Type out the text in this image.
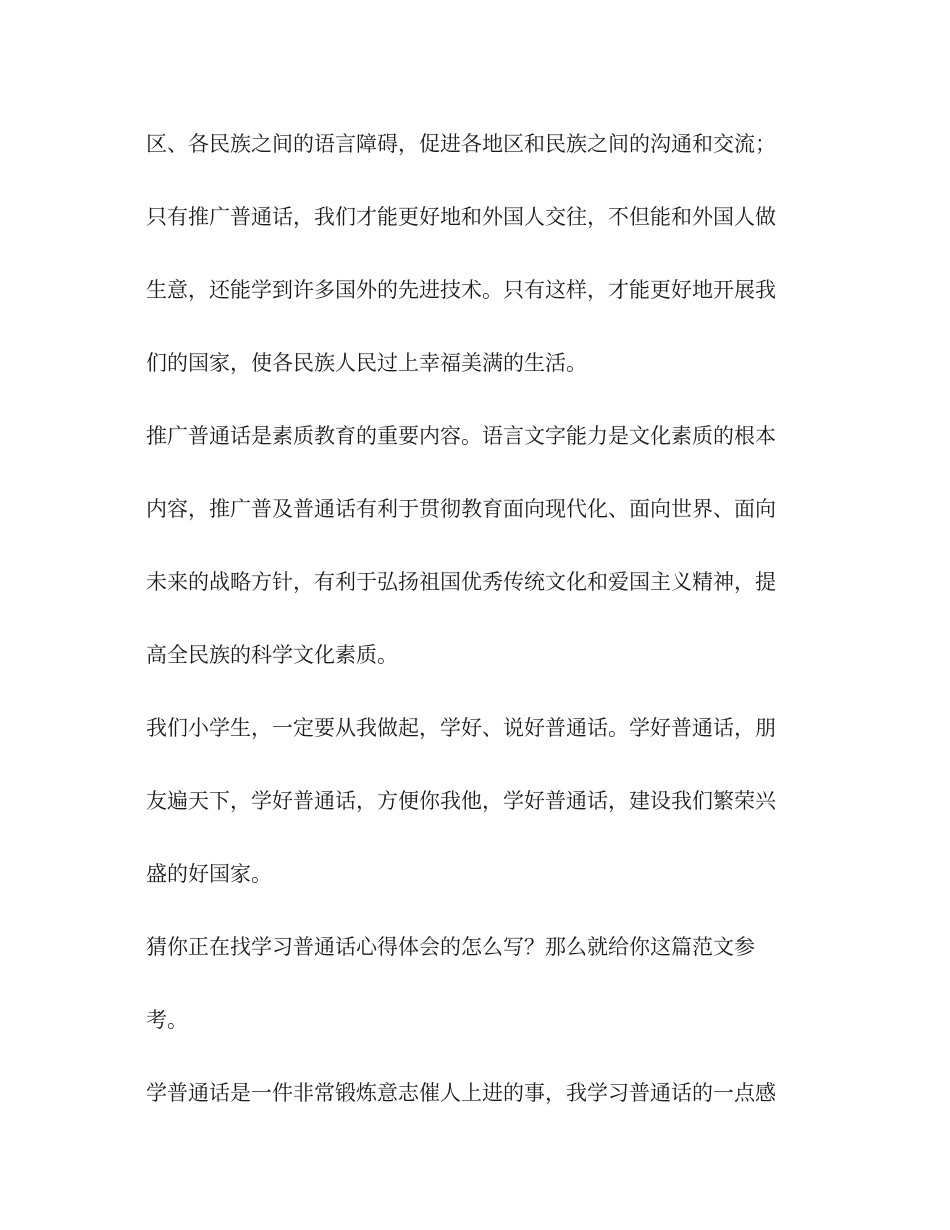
区、各民族之间的语言障碍，促进各地区和民族之间的沟通和交流；
只有推广普通话，我们才能更好地和外国人交往，不但能和外国人做
生意，还能学到许多国外的先进技术。只有这样，才能更好地开展我
们的国家，使各民族人民过上幸福美满的生活。
推广普通话是素质教育的重要内容。语言文字能力是文化素质的根本
内容，推广普及普通话有利于贯彻教育面向现代化、面向世界、面向
未来的战略方针，有利于弘扬祖国优秀传统文化和爱国主义精神，提
高全民族的科学文化素质。
我们小学生，一定要从我做起，学好、说好普通话。学好普通话，朋
友遍天下，学好普通话，方便你我他，学好普通话，建设我们繁荣兴
盛的好国家。
猜你正在找学习普通话心得体会的怎么写？那么就给你这篇范文参
考。
学普通话是一件非常锻炼意志催人上进的事，我学习普通话的一点感
